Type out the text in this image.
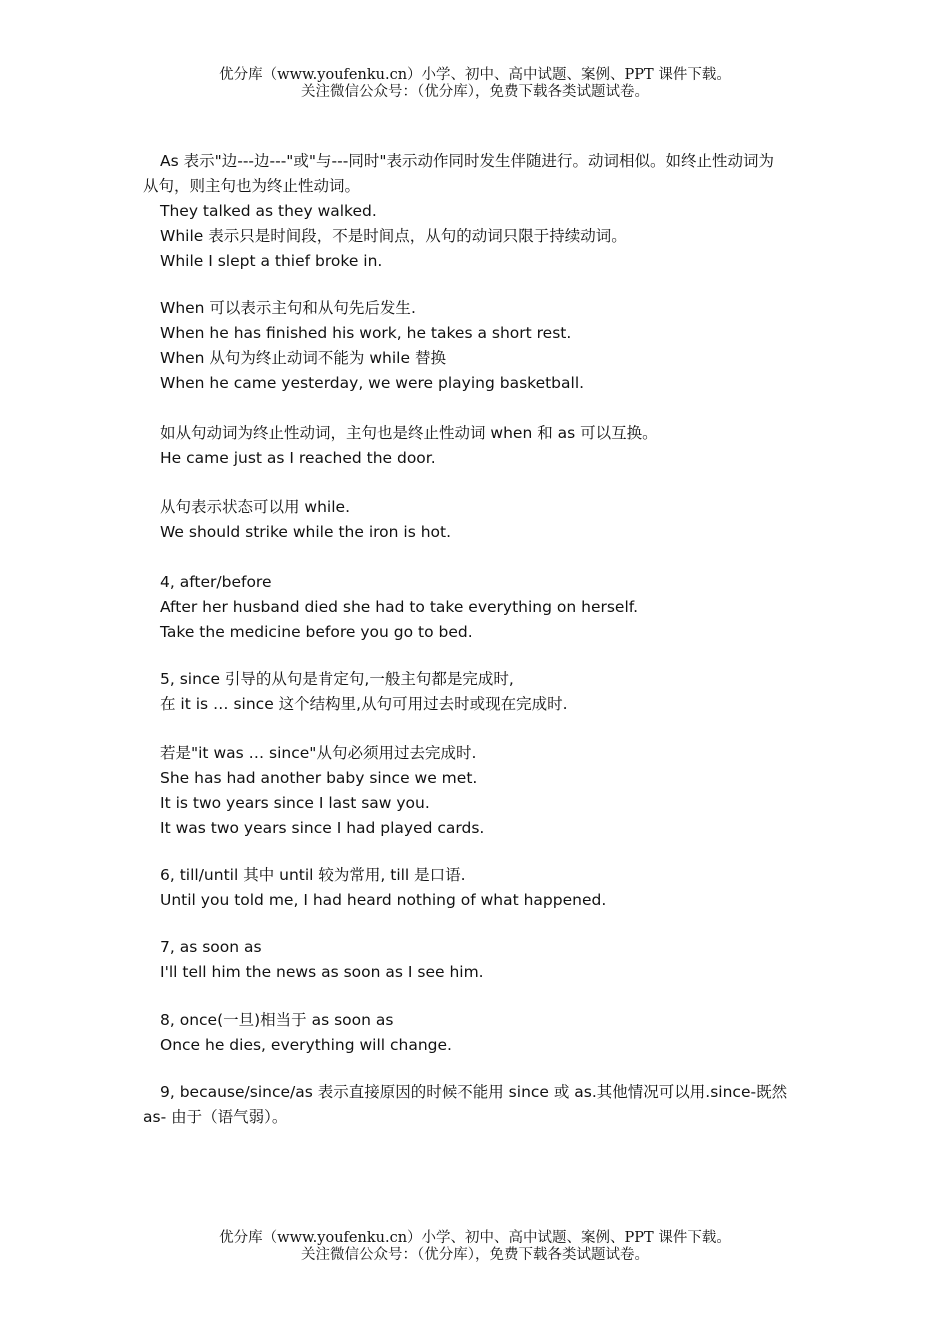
优分库（www.youfenku.cn）小学、初中、高中试题、案例、PPT 课件下载。
关注微信公众号：（优分库），免费下载各类试题试卷。
As 表示"边---边---"或"与---同时"表示动作同时发生伴随进行。动词相似。如终止性动词为
从句，则主句也为终止性动词。
They talked as they walked.
While 表示只是时间段，不是时间点，从句的动词只限于持续动词。
While I slept a thief broke in.
When 可以表示主句和从句先后发生.
When he has finished his work, he takes a short rest.
When 从句为终止动词不能为 while 替换
When he came yesterday, we were playing basketball.
如从句动词为终止性动词，主句也是终止性动词 when 和 as 可以互换。
He came just as I reached the door.
从句表示状态可以用 while.
We should strike while the iron is hot.
4, after/before
After her husband died she had to take everything on herself.
Take the medicine before you go to bed.
5, since 引导的从句是肯定句,一般主句都是完成时,
在 it is … since 这个结构里,从句可用过去时或现在完成时.
若是"it was … since"从句必须用过去完成时.
She has had another baby since we met.
It is two years since I last saw you.
It was two years since I had played cards.
6, till/until 其中 until 较为常用, till 是口语.
Until you told me, I had heard nothing of what happened.
7, as soon as
I'll tell him the news as soon as I see him.
8, once(一旦)相当于 as soon as
Once he dies, everything will change.
9, because/since/as 表示直接原因的时候不能用 since 或 as.其他情况可以用.since-既然
as- 由于（语气弱）。
优分库（www.youfenku.cn）小学、初中、高中试题、案例、PPT 课件下载。
关注微信公众号：（优分库），免费下载各类试题试卷。
